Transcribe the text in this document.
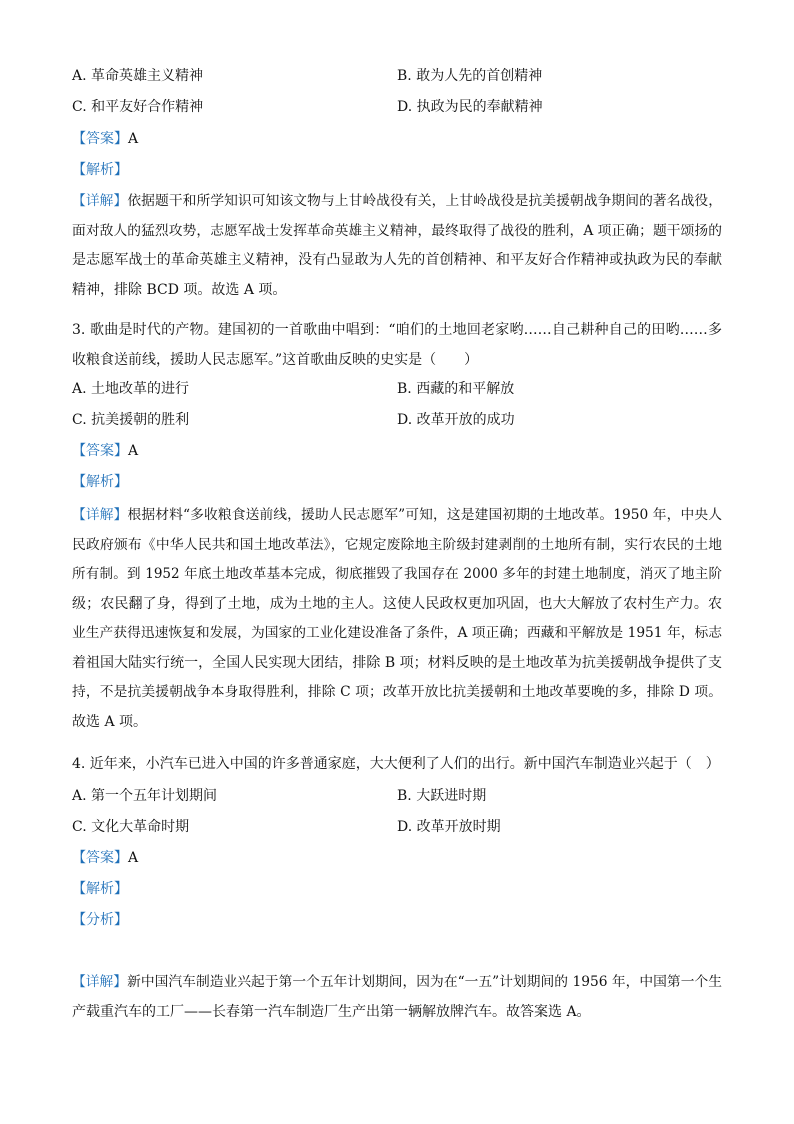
A. 革命英雄主义精神	B. 敢为人先的首创精神
C. 和平友好合作精神	D. 执政为民的奉献精神
【答案】A
【解析】
【详解】依据题干和所学知识可知该文物与上甘岭战役有关，上甘岭战役是抗美援朝战争期间的著名战役，
面对敌人的猛烈攻势，志愿军战士发挥革命英雄主义精神，最终取得了战役的胜利，A 项正确；题干颂扬的
是志愿军战士的革命英雄主义精神，没有凸显敢为人先的首创精神、和平友好合作精神或执政为民的奉献
精神，排除 BCD 项。故选 A 项。
3. 歌曲是时代的产物。建国初的一首歌曲中唱到：“咱们的土地回老家哟……自己耕种自己的田哟……多
收粮食送前线，援助人民志愿军。”这首歌曲反映的史实是（　　）
A. 土地改革的进行	B. 西藏的和平解放
C. 抗美援朝的胜利	D. 改革开放的成功
【答案】A
【解析】
【详解】根据材料“多收粮食送前线，援助人民志愿军”可知，这是建国初期的土地改革。1950 年，中央人
民政府颁布《中华人民共和国土地改革法》，它规定废除地主阶级封建剥削的土地所有制，实行农民的土地
所有制。到 1952 年底土地改革基本完成，彻底摧毁了我国存在 2000 多年的封建土地制度，消灭了地主阶
级；农民翻了身，得到了土地，成为土地的主人。这使人民政权更加巩固，也大大解放了农村生产力。农
业生产获得迅速恢复和发展，为国家的工业化建设准备了条件，A 项正确；西藏和平解放是 1951 年，标志
着祖国大陆实行统一，全国人民实现大团结，排除 B 项；材料反映的是土地改革为抗美援朝战争提供了支
持，不是抗美援朝战争本身取得胜利，排除 C 项；改革开放比抗美援朝和土地改革要晚的多，排除 D 项。
故选 A 项。
4. 近年来，小汽车已进入中国的许多普通家庭，大大便利了人们的出行。新中国汽车制造业兴起于（　）
A. 第一个五年计划期间	B. 大跃进时期
C. 文化大革命时期	D. 改革开放时期
【答案】A
【解析】
【分析】
【详解】新中国汽车制造业兴起于第一个五年计划期间，因为在“一五”计划期间的 1956 年，中国第一个生
产载重汽车的工厂——长春第一汽车制造厂生产出第一辆解放牌汽车。故答案选 A。
